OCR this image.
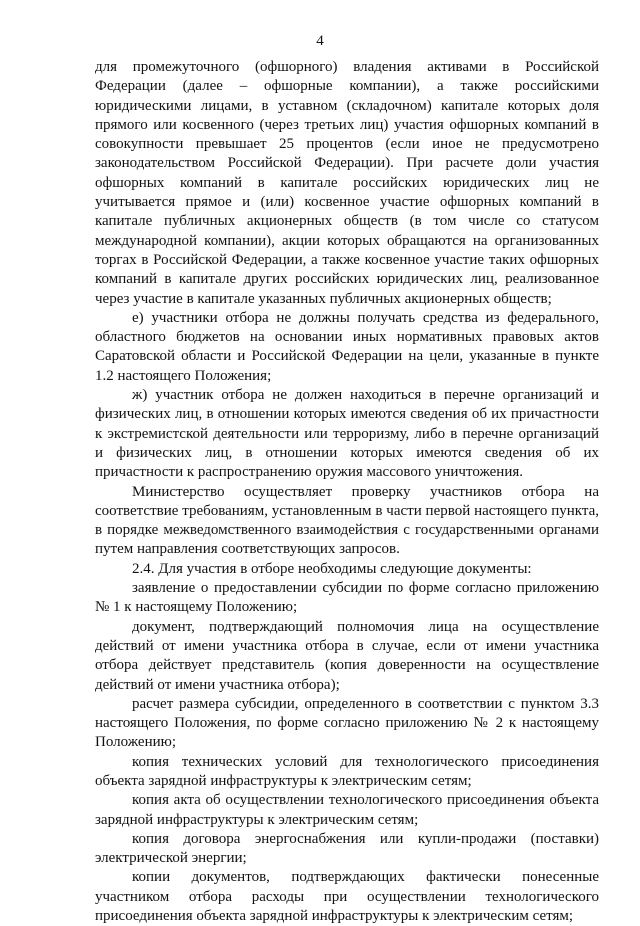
4

для промежуточного (офшорного) владения активами в Российской Федерации (далее – офшорные компании), а также российскими юридическими лицами, в уставном (складочном) капитале которых доля прямого или косвенного (через третьих лиц) участия офшорных компаний в совокупности превышает 25 процентов (если иное не предусмотрено законодательством Российской Федерации). При расчете доли участия офшорных компаний в капитале российских юридических лиц не учитывается прямое и (или) косвенное участие офшорных компаний в капитале публичных акционерных обществ (в том числе со статусом международной компании), акции которых обращаются на организованных торгах в Российской Федерации, а также косвенное участие таких офшорных компаний в капитале других российских юридических лиц, реализованное через участие в капитале указанных публичных акционерных обществ;

е) участники отбора не должны получать средства из федерального, областного бюджетов на основании иных нормативных правовых актов Саратовской области и Российской Федерации на цели, указанные в пункте 1.2 настоящего Положения;

ж) участник отбора не должен находиться в перечне организаций и физических лиц, в отношении которых имеются сведения об их причастности к экстремистской деятельности или терроризму, либо в перечне организаций и физических лиц, в отношении которых имеются сведения об их причастности к распространению оружия массового уничтожения.

Министерство осуществляет проверку участников отбора на соответствие требованиям, установленным в части первой настоящего пункта, в порядке межведомственного взаимодействия с государственными органами путем направления соответствующих запросов.

2.4. Для участия в отборе необходимы следующие документы:

заявление о предоставлении субсидии по форме согласно приложению № 1 к настоящему Положению;

документ, подтверждающий полномочия лица на осуществление действий от имени участника отбора в случае, если от имени участника отбора действует представитель (копия доверенности на осуществление действий от имени участника отбора);

расчет размера субсидии, определенного в соответствии с пунктом 3.3 настоящего Положения, по форме согласно приложению № 2 к настоящему Положению;

копия технических условий для технологического присоединения объекта зарядной инфраструктуры к электрическим сетям;

копия акта об осуществлении технологического присоединения объекта зарядной инфраструктуры к электрическим сетям;

копия договора энергоснабжения или купли-продажи (поставки) электрической энергии;

копии документов, подтверждающих фактически понесенные участником отбора расходы при осуществлении технологического присоединения объекта зарядной инфраструктуры к электрическим сетям;
